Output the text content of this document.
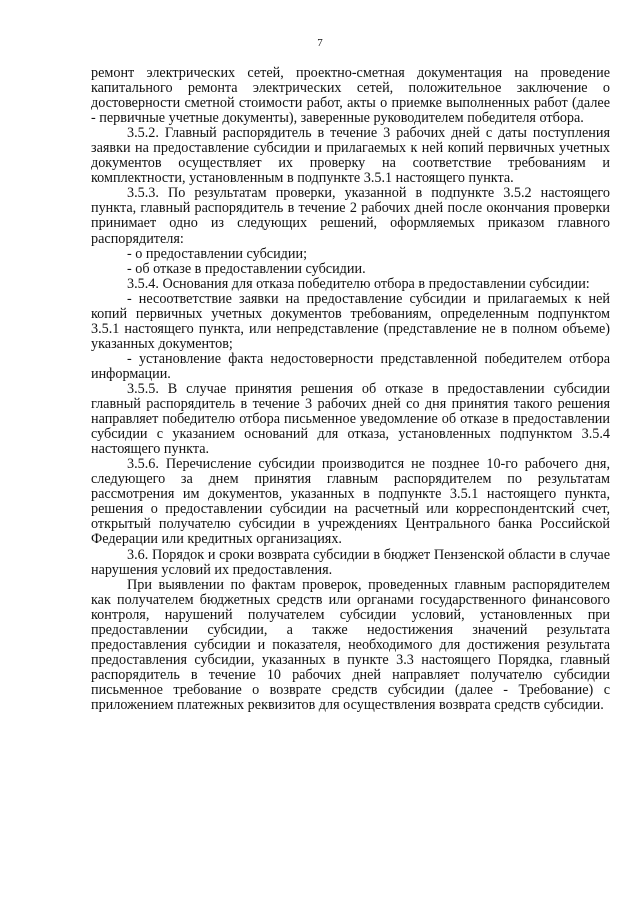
7

ремонт электрических сетей, проектно-сметная документация на проведение капитального ремонта электрических сетей, положительное заключение о достоверности сметной стоимости работ, акты о приемке выполненных работ (далее - первичные учетные документы), заверенные руководителем победителя отбора.

3.5.2. Главный распорядитель в течение 3 рабочих дней с даты поступления заявки на предоставление субсидии и прилагаемых к ней копий первичных учетных документов осуществляет их проверку на соответствие требованиям и комплектности, установленным в подпункте 3.5.1 настоящего пункта.

3.5.3. По результатам проверки, указанной в подпункте 3.5.2 настоящего пункта, главный распорядитель в течение 2 рабочих дней после окончания проверки принимает одно из следующих решений, оформляемых приказом главного распорядителя:

- о предоставлении субсидии;

- об отказе в предоставлении субсидии.

3.5.4. Основания для отказа победителю отбора в предоставлении субсидии:

- несоответствие заявки на предоставление субсидии и прилагаемых к ней копий первичных учетных документов требованиям, определенным подпунктом 3.5.1 настоящего пункта, или непредставление (представление не в полном объеме) указанных документов;

- установление факта недостоверности представленной победителем отбора информации.

3.5.5. В случае принятия решения об отказе в предоставлении субсидии главный распорядитель в течение 3 рабочих дней со дня принятия такого решения направляет победителю отбора письменное уведомление об отказе в предоставлении субсидии с указанием оснований для отказа, установленных подпунктом 3.5.4 настоящего пункта.

3.5.6. Перечисление субсидии производится не позднее 10-го рабочего дня, следующего за днем принятия главным распорядителем по результатам рассмотрения им документов, указанных в подпункте 3.5.1 настоящего пункта, решения о предоставлении субсидии на расчетный или корреспондентский счет, открытый получателю субсидии в учреждениях Центрального банка Российской Федерации или кредитных организациях.

3.6. Порядок и сроки возврата субсидии в бюджет Пензенской области в случае нарушения условий их предоставления.

При выявлении по фактам проверок, проведенных главным распорядителем как получателем бюджетных средств или органами государственного финансового контроля, нарушений получателем субсидии условий, установленных при предоставлении субсидии, а также недостижения значений результата предоставления субсидии и показателя, необходимого для достижения результата предоставления субсидии, указанных в пункте 3.3 настоящего Порядка, главный распорядитель в течение 10 рабочих дней направляет получателю субсидии письменное требование о возврате средств субсидии (далее - Требование) с приложением платежных реквизитов для осуществления возврата средств субсидии.
